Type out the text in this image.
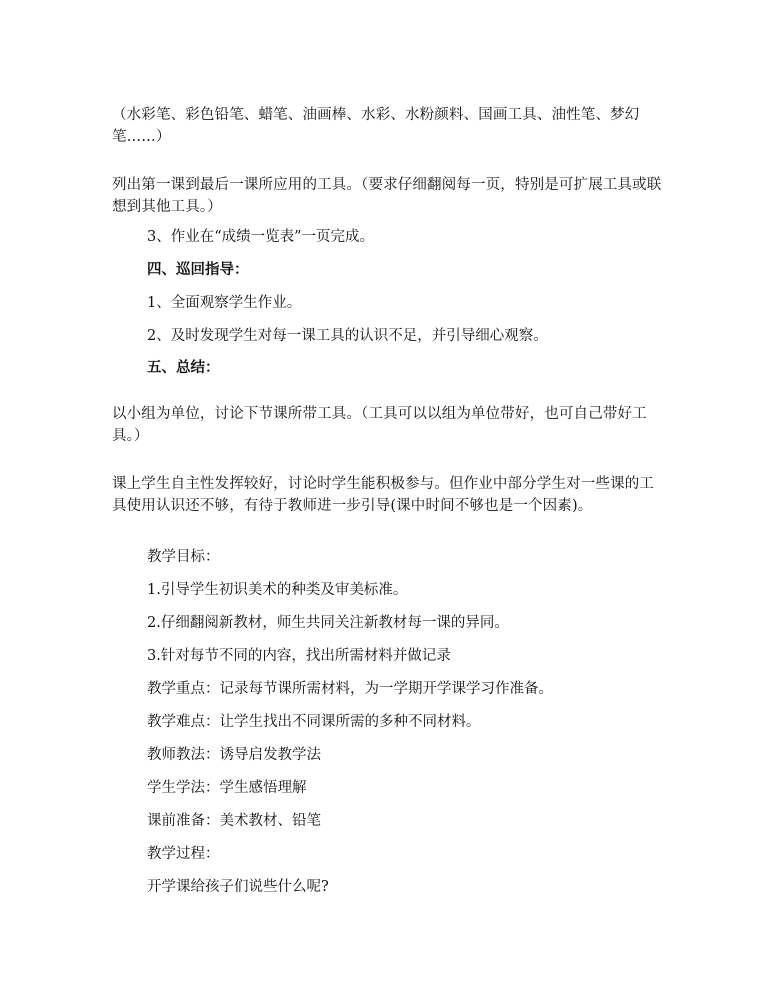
（水彩笔、彩色铅笔、蜡笔、油画棒、水彩、水粉颜料、国画工具、油性笔、梦幻笔……）
列出第一课到最后一课所应用的工具。（要求仔细翻阅每一页，特别是可扩展工具或联想到其他工具。）
3、作业在“成绩一览表”一页完成。
四、巡回指导：
1、全面观察学生作业。
2、及时发现学生对每一课工具的认识不足，并引导细心观察。
五、总结：
以小组为单位，讨论下节课所带工具。（工具可以以组为单位带好，也可自己带好工具。）
课上学生自主性发挥较好，讨论时学生能积极参与。但作业中部分学生对一些课的工具使用认识还不够，有待于教师进一步引导(课中时间不够也是一个因素)。
教学目标：
1.引导学生初识美术的种类及审美标准。
2.仔细翻阅新教材，师生共同关注新教材每一课的异同。
3.针对每节不同的内容，找出所需材料并做记录
教学重点：记录每节课所需材料，为一学期开学课学习作准备。
教学难点：让学生找出不同课所需的多种不同材料。
教师教法：诱导启发教学法
学生学法：学生感悟理解
课前准备：美术教材、铅笔
教学过程：
开学课给孩子们说些什么呢?
